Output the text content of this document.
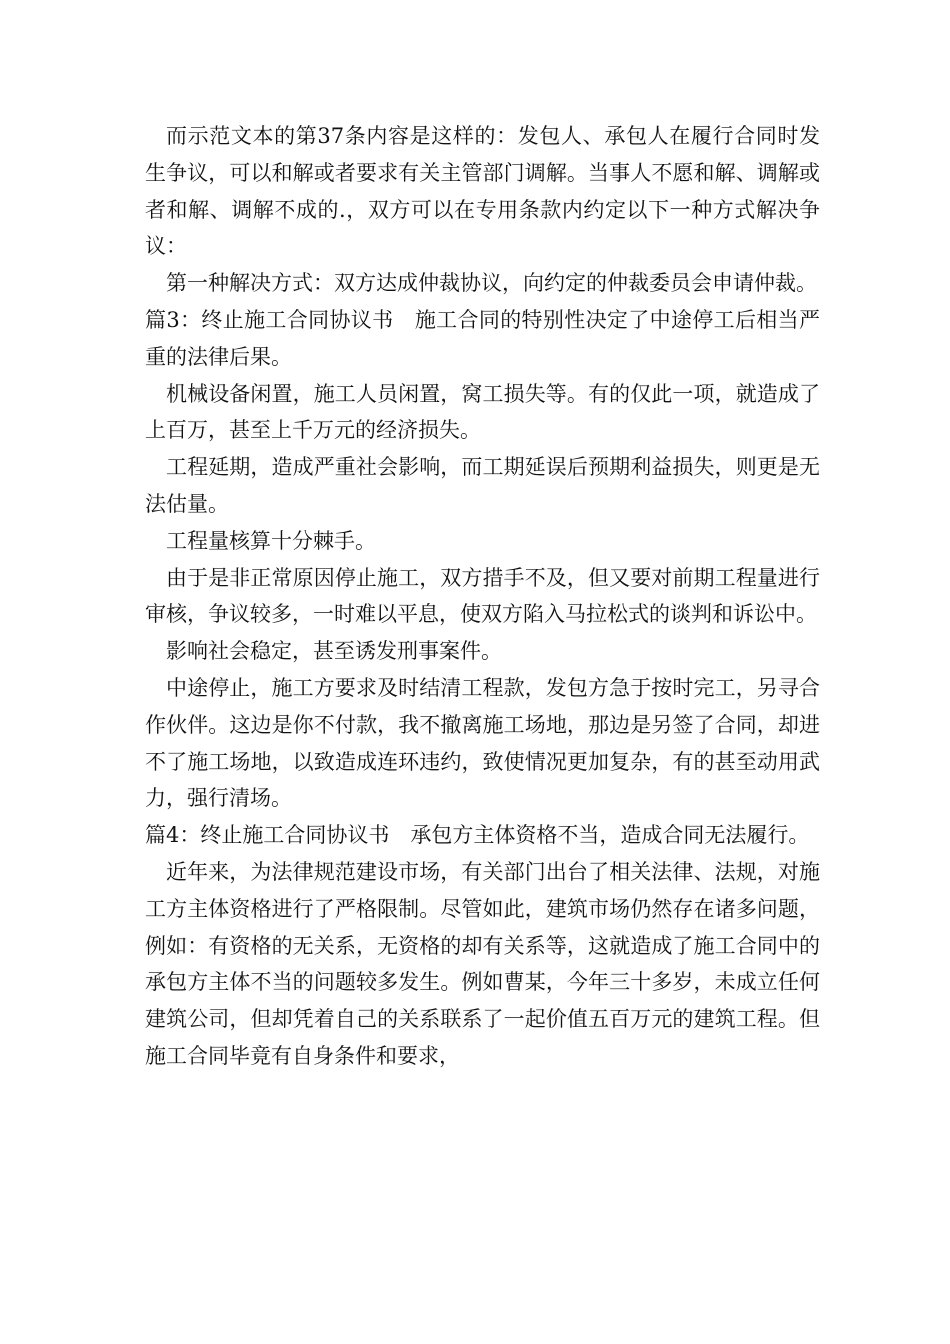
而示范文本的第37条内容是这样的：发包人、承包人在履行合同时发生争议，可以和解或者要求有关主管部门调解。当事人不愿和解、调解或者和解、调解不成的.，双方可以在专用条款内约定以下一种方式解决争议：

第一种解决方式：双方达成仲裁协议，向约定的仲裁委员会申请仲裁。

篇3：终止施工合同协议书　施工合同的特别性决定了中途停工后相当严重的法律后果。

机械设备闲置，施工人员闲置，窝工损失等。有的仅此一项，就造成了上百万，甚至上千万元的经济损失。

工程延期，造成严重社会影响，而工期延误后预期利益损失，则更是无法估量。

工程量核算十分棘手。

由于是非正常原因停止施工，双方措手不及，但又要对前期工程量进行审核，争议较多，一时难以平息，使双方陷入马拉松式的谈判和诉讼中。

影响社会稳定，甚至诱发刑事案件。

中途停止，施工方要求及时结清工程款，发包方急于按时完工，另寻合作伙伴。这边是你不付款，我不撤离施工场地，那边是另签了合同，却进不了施工场地，以致造成连环违约，致使情况更加复杂，有的甚至动用武力，强行清场。

篇4：终止施工合同协议书　承包方主体资格不当，造成合同无法履行。

近年来，为法律规范建设市场，有关部门出台了相关法律、法规，对施工方主体资格进行了严格限制。尽管如此，建筑市场仍然存在诸多问题，例如：有资格的无关系，无资格的却有关系等，这就造成了施工合同中的承包方主体不当的问题较多发生。例如曹某，今年三十多岁，未成立任何建筑公司，但却凭着自己的关系联系了一起价值五百万元的建筑工程。但施工合同毕竟有自身条件和要求，
